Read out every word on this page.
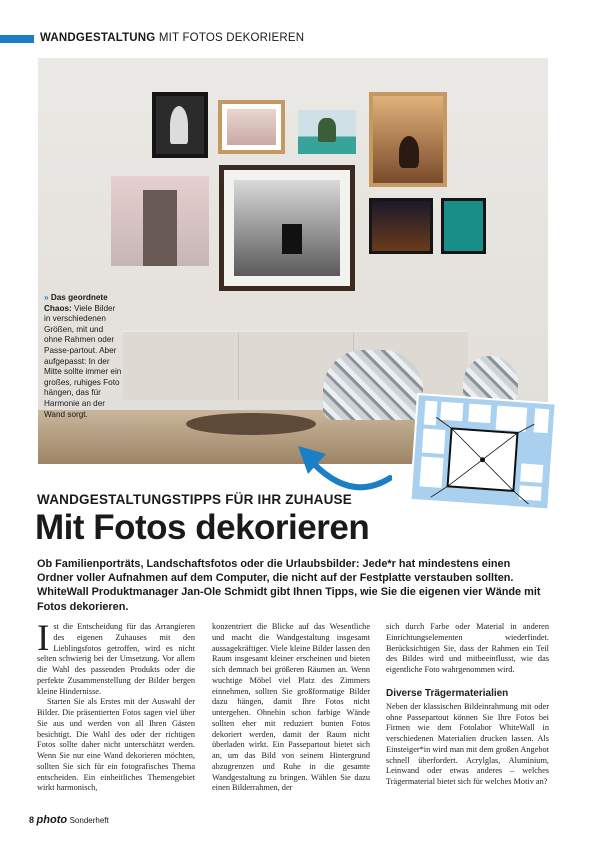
WANDGESTALTUNG MIT FOTOS DEKORIEREN
» Das geordnete Chaos: Viele Bilder in verschiedenen Größen, mit und ohne Rahmen oder Passe-partout. Aber aufgepasst: In der Mitte sollte immer ein großes, ruhiges Foto hängen, das für Harmonie an der Wand sorgt.
WANDGESTALTUNGSTIPPS FÜR IHR ZUHAUSE
Mit Fotos dekorieren
Ob Familienporträts, Landschaftsfotos oder die Urlaubsbilder: Jede*r hat mindestens einen Ordner voller Aufnahmen auf dem Computer, die nicht auf der Festplatte verstauben sollten. WhiteWall Produktmanager Jan-Ole Schmidt gibt Ihnen Tipps, wie Sie die eigenen vier Wände mit Fotos dekorieren.
I st die Entscheidung für das Arrangieren des eigenen Zuhauses mit den Lieblingsfotos getroffen, wird es nicht selten schwierig bei der Umsetzung. Vor allem die Wahl des passenden Produkts oder die perfekte Zusammenstellung der Bilder bergen kleine Hindernisse.

Starten Sie als Erstes mit der Auswahl der Bilder. Die präsentierten Fotos sagen viel über Sie aus und werden von all Ihren Gästen besichtigt. Die Wahl des oder der richtigen Fotos sollte daher nicht unterschätzt werden. Wenn Sie nur eine Wand dekorieren möchten, sollten Sie sich für ein fotografisches Thema entscheiden. Ein einheitliches Themengebiet wirkt harmonisch,

konzentriert die Blicke auf das Wesentliche und macht die Wandgestaltung insgesamt aussagekräftiger. Viele kleine Bilder lassen den Raum insgesamt kleiner erscheinen und bieten sich demnach bei größeren Räumen an. Wenn wuchtige Möbel viel Platz des Zimmers einnehmen, sollten Sie großformatige Bilder dazu hängen, damit Ihre Fotos nicht untergehen. Ohnehin schon farbige Wände sollten eher mit reduziert bunten Fotos dekoriert werden, damit der Raum nicht überladen wirkt. Ein Passepartout bietet sich an, um das Bild von seinem Hintergrund abzugrenzen und Ruhe in die gesamte Wandgestaltung zu bringen. Wählen Sie dazu einen Bilderrahmen, der

sich durch Farbe oder Material in anderen Einrichtungselementen wiederfindet. Berücksichtigen Sie, dass der Rahmen ein Teil des Bildes wird und mitbeeinflusst, wie das eigentliche Foto wahrgenommen wird.

Diverse Trägermaterialien

Neben der klassischen Bildeinrahmung mit oder ohne Passepartout können Sie Ihre Fotos bei Firmen wie dem Fotolabor WhiteWall in verschiedenen Materialien drucken lassen. Als Einsteiger*in wird man mit dem großen Angebot schnell überfordert. Acrylglas, Aluminium, Leinwand oder etwas anderes – welches Trägermaterial bietet sich für welches Motiv an?

8 photo Sonderheft
